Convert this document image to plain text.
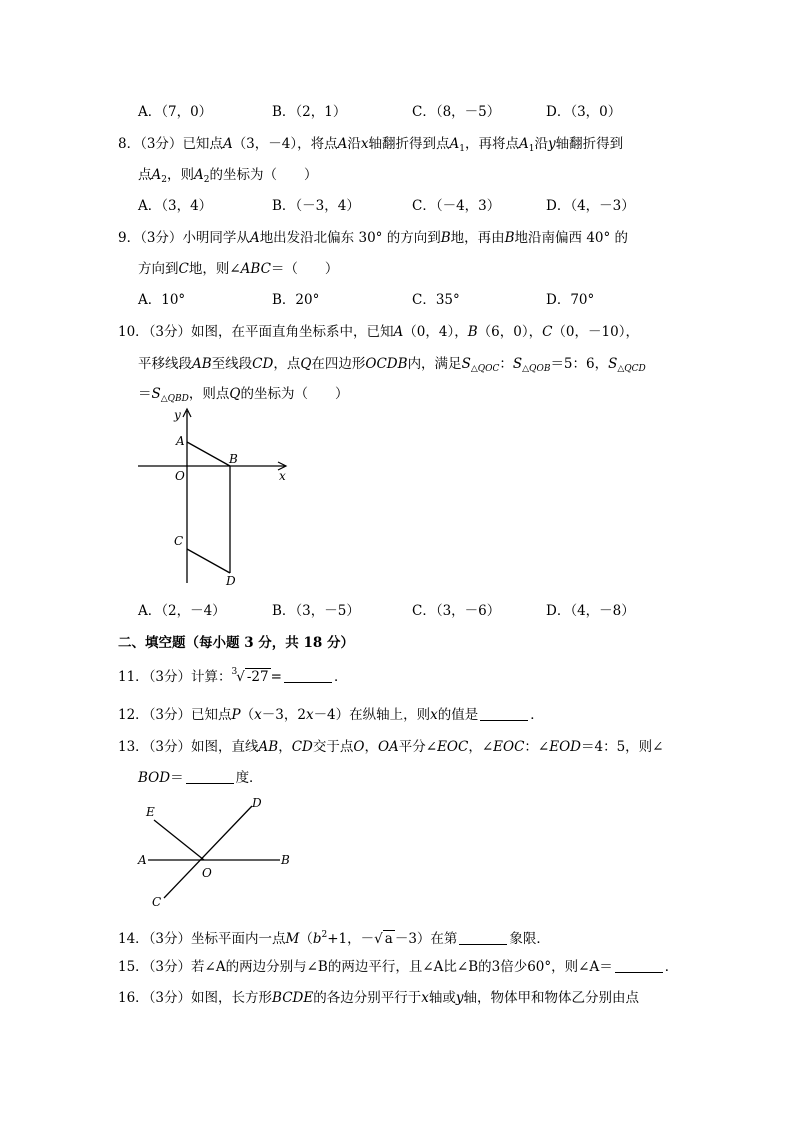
A．（7，0）	B．（2，1）	C．（8，－5）	D．（3，0）
8．（3分）已知点A（3，－4），将点A沿x轴翻折得到点$A_1$，再将点$A_1$沿y轴翻折得到
点$A_2$，则$A_2$的坐标为（　　）
A．（3，4）	B．（－3，4）	C．（－4，3）	D．（4，－3）
9．（3分）小明同学从A地出发沿北偏东 30° 的方向到B地，再由B地沿南偏西 40° 的
方向到C地，则∠ABC＝（　　）
A．10°	B．20°	C．35°	D．70°
10．（3分）如图，在平面直角坐标系中，已知A（0，4），B（6，0），C（0，－10），
平移线段AB至线段CD，点Q在四边形OCDB内，满足$S_{\triangle QOC}$：$S_{\triangle QOB}=5$：6，$S_{\triangle QCD}$
$=S_{\triangle QBD}$，则点Q的坐标为（　　）
y
A
B
O	x
C
D
A．（2，－4）	B．（3，－5）	C．（3，－6）	D．（4，－8）
二、填空题（每小题 3 分，共 18 分）
11．（3分）计算：$^3$√ -27 =	．
12．（3分）已知点P（x－3，2x－4）在纵轴上，则x的值是	．
13．（3分）如图，直线AB，CD交于点O，OA平分∠EOC，∠EOC：∠EOD＝4：5，则∠
BOD＝	度．
E
D
A	B
O
C
14．（3分）坐标平面内一点$M(b^2+1$，－√ a －3）在第	象限．
15．（3分）若∠A的两边分别与∠B的两边平行，且∠A比∠B的3倍少60°，则∠A＝	．
16．（3分）如图，长方形BCDE的各边分别平行于x轴或y轴，物体甲和物体乙分别由点
